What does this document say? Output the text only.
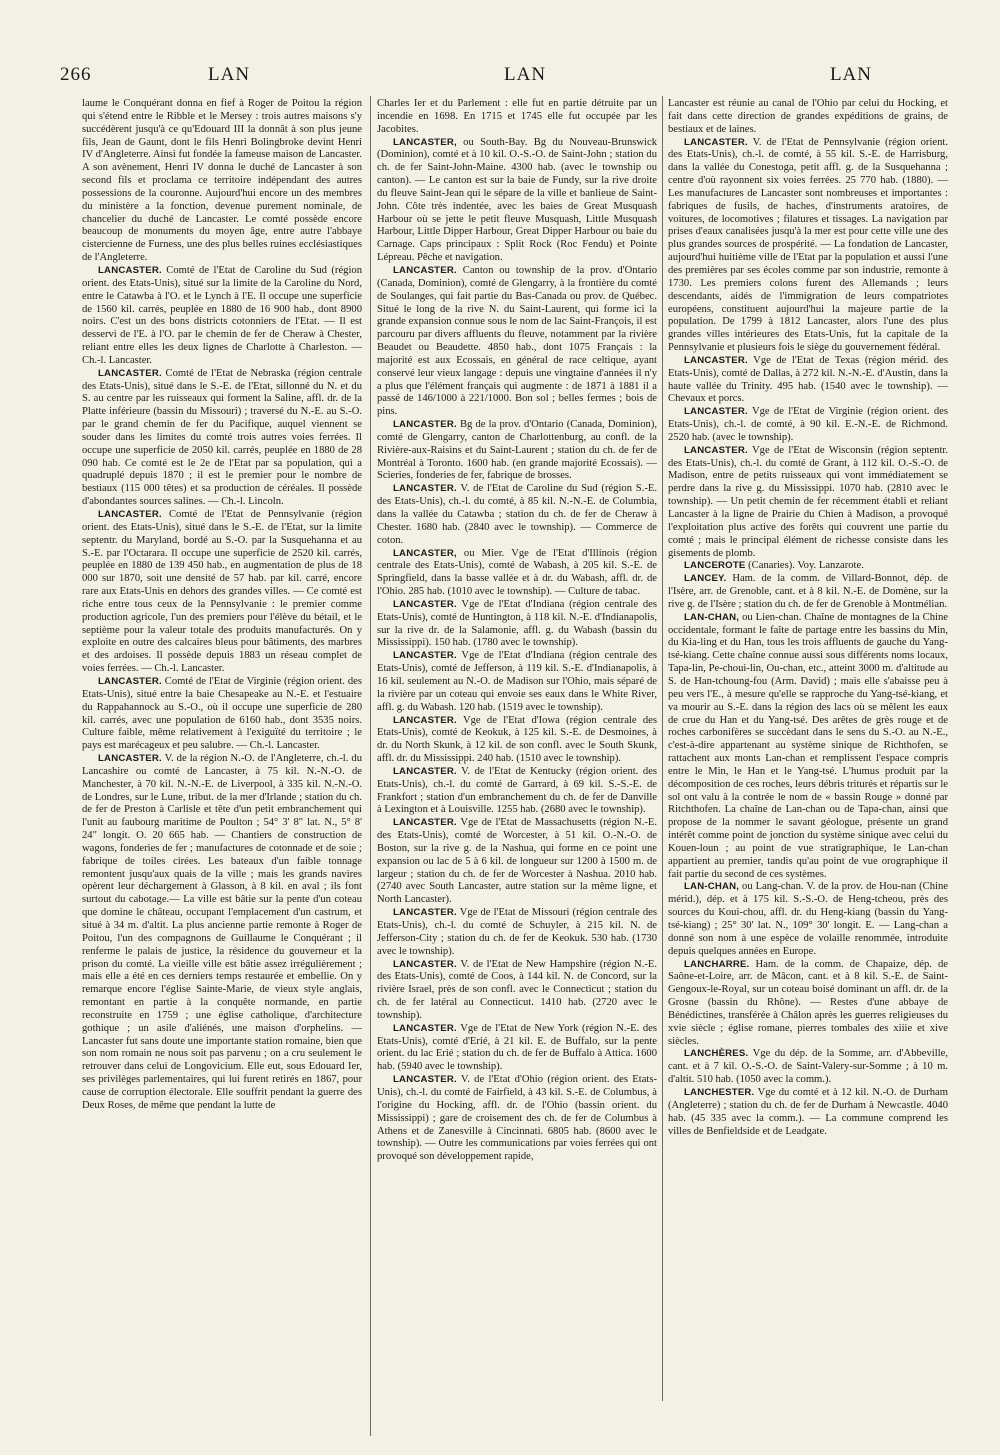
266	LAN	LAN	LAN

laume le Conquérant donna en fief à Roger de Poitou la région qui s'étend entre le Ribble et le Mersey : trois autres maisons s'y succédèrent jusqu'à ce qu'Edouard III la donnât à son plus jeune fils, Jean de Gaunt, dont le fils Henri Bolingbroke devint Henri IV d'Angleterre. Ainsi fut fondée la fameuse maison de Lancaster. A son avènement, Henri IV donna le duché de Lancaster à son second fils et proclama ce territoire indépendant des autres possessions de la couronne. Aujourd'hui encore un des membres du ministère a la fonction, devenue purement nominale, de chancelier du duché de Lancaster. Le comté possède encore beaucoup de monuments du moyen âge, entre autre l'abbaye cistercienne de Furness, une des plus belles ruines ecclésiastiques de l'Angleterre.

LANCASTER. Comté de l'Etat de Caroline du Sud (région orient. des Etats-Unis), situé sur la limite de la Caroline du Nord, entre le Catawba à l'O. et le Lynch à l'E. Il occupe une superficie de 1560 kil. carrés, peuplée en 1880 de 16 900 hab., dont 8900 noirs. C'est un des bons districts cotonniers de l'Etat. — Il est desservi de l'E. à l'O. par le chemin de fer de Cheraw à Chester, reliant entre elles les deux lignes de Charlotte à Charleston. — Ch.-l. Lancaster.

LANCASTER. Comté de l'Etat de Nebraska (région centrale des Etats-Unis), situé dans le S.-E. de l'Etat, sillonné du N. et du S. au centre par les ruisseaux qui forment la Saline, affl. dr. de la Platte inférieure (bassin du Missouri) ; traversé du N.-E. au S.-O. par le grand chemin de fer du Pacifique, auquel viennent se souder dans les limites du comté trois autres voies ferrées. Il occupe une superficie de 2050 kil. carrés, peuplée en 1880 de 28 090 hab. Ce comté est le 2e de l'Etat par sa population, qui a quadruplé depuis 1870 ; il est le premier pour le nombre de bestiaux (115 000 têtes) et sa production de céréales. Il possède d'abondantes sources salines. — Ch.-l. Lincoln.

LANCASTER. Comté de l'Etat de Pennsylvanie (région orient. des Etats-Unis), situé dans le S.-E. de l'Etat, sur la limite septentr. du Maryland, bordé au S.-O. par la Susquehanna et au S.-E. par l'Octarara. Il occupe une superficie de 2520 kil. carrés, peuplée en 1880 de 139 450 hab., en augmentation de plus de 18 000 sur 1870, soit une densité de 57 hab. par kil. carré, encore rare aux Etats-Unis en dehors des grandes villes. — Ce comté est riche entre tous ceux de la Pennsylvanie : le premier comme production agricole, l'un des premiers pour l'élève du bétail, et le septième pour la valeur totale des produits manufacturés. On y exploite en outre des calcaires bleus pour bâtiments, des marbres et des ardoises. Il possède depuis 1883 un réseau complet de voies ferrées. — Ch.-l. Lancaster.

LANCASTER. Comté de l'Etat de Virginie (région orient. des Etats-Unis), situé entre la baie Chesapeake au N.-E. et l'estuaire du Rappahannock au S.-O., où il occupe une superficie de 280 kil. carrés, avec une population de 6160 hab., dont 3535 noirs. Culture faible, même relativement à l'exiguïté du territoire ; le pays est marécageux et peu salubre. — Ch.-l. Lancaster.

LANCASTER. V. de la région N.-O. de l'Angleterre, ch.-l. du Lancashire ou comté de Lancaster, à 75 kil. N.-N.-O. de Manchester, à 70 kil. N.-N.-E. de Liverpool, à 335 kil. N.-N.-O. de Londres, sur le Lune, tribut. de la mer d'Irlande ; station du ch. de fer de Preston à Carlisle et tête d'un petit embranchement qui l'unit au faubourg maritime de Poulton ; 54° 3' 8" lat. N., 5° 8' 24" longit. O. 20 665 hab. — Chantiers de construction de wagons, fonderies de fer ; manufactures de cotonnade et de soie ; fabrique de toiles cirées. Les bateaux d'un faible tonnage remontent jusqu'aux quais de la ville ; mais les grands navires opèrent leur déchargement à Glasson, à 8 kil. en aval ; ils font surtout du cabotage.— La ville est bâtie sur la pente d'un coteau que domine le château, occupant l'emplacement d'un castrum, et situé à 34 m. d'altit. La plus ancienne partie remonte à Roger de Poitou, l'un des compagnons de Guillaume le Conquérant ; il renferme le palais de justice, la résidence du gouverneur et la prison du comté. La vieille ville est bâtie assez irrégulièrement ; mais elle a été en ces derniers temps restaurée et embellie. On y remarque encore l'église Sainte-Marie, de vieux style anglais, remontant en partie à la conquête normande, en partie reconstruite en 1759 ; une église catholique, d'architecture gothique ; un asile d'aliénés, une maison d'orphelins. — Lancaster fut sans doute une importante station romaine, bien que son nom romain ne nous soit pas parvenu ; on a cru seulement le retrouver dans celui de Longovicium. Elle eut, sous Edouard Ier, ses privilèges parlementaires, qui lui furent retirés en 1867, pour cause de corruption électorale. Elle souffrit pendant la guerre des Deux Roses, de même que pendant la lutte de

Charles Ier et du Parlement : elle fut en partie détruite par un incendie en 1698. En 1715 et 1745 elle fut occupée par les Jacobites.

LANCASTER, ou South-Bay. Bg du Nouveau-Brunswick (Dominion), comté et à 10 kil. O.-S.-O. de Saint-John ; station du ch. de fer Saint-John-Maine. 4300 hab. (avec le township ou canton). — Le canton est sur la baie de Fundy, sur la rive droite du fleuve Saint-Jean qui le sépare de la ville et banlieue de Saint-John. Côte très indentée, avec les baies de Great Musquash Harbour où se jette le petit fleuve Musquash, Little Musquash Harbour, Little Dipper Harbour, Great Dipper Harbour ou baie du Carnage. Caps principaux : Split Rock (Roc Fendu) et Pointe Lépreau. Pêche et navigation.

LANCASTER. Canton ou township de la prov. d'Ontario (Canada, Dominion), comté de Glengarry, à la frontière du comté de Soulanges, qui fait partie du Bas-Canada ou prov. de Québec. Situé le long de la rive N. du Saint-Laurent, qui forme ici la grande expansion connue sous le nom de lac Saint-François, il est parcouru par divers affluents du fleuve, notamment par la rivière Beaudet ou Beaudette. 4850 hab., dont 1075 Français : la majorité est aux Ecossais, en général de race celtique, ayant conservé leur vieux langage : depuis une vingtaine d'années il n'y a plus que l'élément français qui augmente : de 1871 à 1881 il a passé de 146/1000 à 221/1000. Bon sol ; belles fermes ; bois de pins.

LANCASTER. Bg de la prov. d'Ontario (Canada, Dominion), comté de Glengarry, canton de Charlottenburg, au confl. de la Rivière-aux-Raisins et du Saint-Laurent ; station du ch. de fer de Montréal à Toronto. 1600 hab. (en grande majorité Ecossais). — Scieries, fonderies de fer, fabrique de brosses.

LANCASTER. V. de l'Etat de Caroline du Sud (région S.-E. des Etats-Unis), ch.-l. du comté, à 85 kil. N.-N.-E. de Columbia, dans la vallée du Catawba ; station du ch. de fer de Cheraw à Chester. 1680 hab. (2840 avec le township). — Commerce de coton.

LANCASTER, ou Mier. Vge de l'Etat d'Illinois (région centrale des Etats-Unis), comté de Wabash, à 205 kil. S.-E. de Springfield, dans la basse vallée et à dr. du Wabash, affl. dr. de l'Ohio. 285 hab. (1010 avec le township). — Culture de tabac.

LANCASTER. Vge de l'Etat d'Indiana (région centrale des Etats-Unis), comté de Huntington, à 118 kil. N.-E. d'Indianapolis, sur la rive dr. de la Salamonie, affl. g. du Wabash (bassin du Mississippi). 150 hab. (1780 avec le township).

LANCASTER. Vge de l'Etat d'Indiana (région centrale des Etats-Unis), comté de Jefferson, à 119 kil. S.-E. d'Indianapolis, à 16 kil. seulement au N.-O. de Madison sur l'Ohio, mais séparé de la rivière par un coteau qui envoie ses eaux dans le White River, affl. g. du Wabash. 120 hab. (1519 avec le township).

LANCASTER. Vge de l'Etat d'Iowa (région centrale des Etats-Unis), comté de Keokuk, à 125 kil. S.-E. de Desmoines, à dr. du North Skunk, à 12 kil. de son confl. avec le South Skunk, affl. dr. du Mississippi. 240 hab. (1510 avec le township).

LANCASTER. V. de l'Etat de Kentucky (région orient. des Etats-Unis), ch.-l. du comté de Garrard, à 69 kil. S.-S.-E. de Frankfort ; station d'un embranchement du ch. de fer de Danville à Lexington et à Louisville. 1255 hab. (2680 avec le township).

LANCASTER. Vge de l'Etat de Massachusetts (région N.-E. des Etats-Unis), comté de Worcester, à 51 kil. O.-N.-O. de Boston, sur la rive g. de la Nashua, qui forme en ce point une expansion ou lac de 5 à 6 kil. de longueur sur 1200 à 1500 m. de largeur ; station du ch. de fer de Worcester à Nashua. 2010 hab. (2740 avec South Lancaster, autre station sur la même ligne, et North Lancaster).

LANCASTER. Vge de l'Etat de Missouri (région centrale des Etats-Unis), ch.-l. du comté de Schuyler, à 215 kil. N. de Jefferson-City ; station du ch. de fer de Keokuk. 530 hab. (1730 avec le township).

LANCASTER. V. de l'Etat de New Hampshire (région N.-E. des Etats-Unis), comté de Coos, à 144 kil. N. de Concord, sur la rivière Israel, près de son confl. avec le Connecticut ; station du ch. de fer latéral au Connecticut. 1410 hab. (2720 avec le township).

LANCASTER. Vge de l'Etat de New York (région N.-E. des Etats-Unis), comté d'Erié, à 21 kil. E. de Buffalo, sur la pente orient. du lac Erié ; station du ch. de fer de Buffalo à Attica. 1600 hab. (5940 avec le township).

LANCASTER. V. de l'Etat d'Ohio (région orient. des Etats-Unis), ch.-l. du comté de Fairfield, à 43 kil. S.-E. de Columbus, à l'origine du Hocking, affl. dr. de l'Ohio (bassin orient. du Mississippi) ; gare de croisement des ch. de fer de Columbus à Athens et de Zanesville à Cincinnati. 6805 hab. (8600 avec le township). — Outre les communications par voies ferrées qui ont provoqué son développement rapide,

Lancaster est réunie au canal de l'Ohio par celui du Hocking, et fait dans cette direction de grandes expéditions de grains, de bestiaux et de laines.

LANCASTER. V. de l'Etat de Pennsylvanie (région orient. des Etats-Unis), ch.-l. de comté, à 55 kil. S.-E. de Harrisburg, dans la vallée du Conestoga, petit affl. g. de la Susquehanna ; centre d'où rayonnent six voies ferrées. 25 770 hab. (1880). — Les manufactures de Lancaster sont nombreuses et importantes : fabriques de fusils, de haches, d'instruments aratoires, de voitures, de locomotives ; filatures et tissages. La navigation par prises d'eaux canalisées jusqu'à la mer est pour cette ville une des plus grandes sources de prospérité. — La fondation de Lancaster, aujourd'hui huitième ville de l'Etat par la population et aussi l'une des premières par ses écoles comme par son industrie, remonte à 1730. Les premiers colons furent des Allemands ; leurs descendants, aidés de l'immigration de leurs compatriotes européens, constituent aujourd'hui la majeure partie de la population. De 1799 à 1812 Lancaster, alors l'une des plus grandes villes intérieures des Etats-Unis, fut la capitale de la Pennsylvanie et plusieurs fois le siège du gouvernement fédéral.

LANCASTER. Vge de l'Etat de Texas (région mérid. des Etats-Unis), comté de Dallas, à 272 kil. N.-N.-E. d'Austin, dans la haute vallée du Trinity. 495 hab. (1540 avec le township). — Chevaux et porcs.

LANCASTER. Vge de l'Etat de Virginie (région orient. des Etats-Unis), ch.-l. de comté, à 90 kil. E.-N.-E. de Richmond. 2520 hab. (avec le township).

LANCASTER. Vge de l'Etat de Wisconsin (région septentr. des Etats-Unis), ch.-l. du comté de Grant, à 112 kil. O.-S.-O. de Madison, entre de petits ruisseaux qui vont immédiatement se perdre dans la rive g. du Mississippi. 1070 hab. (2810 avec le township). — Un petit chemin de fer récemment établi et reliant Lancaster à la ligne de Prairie du Chien à Madison, a provoqué l'exploitation plus active des forêts qui couvrent une partie du comté ; mais le principal élément de richesse consiste dans les gisements de plomb.

LANCEROTE (Canaries). Voy. Lanzarote.

LANCEY. Ham. de la comm. de Villard-Bonnot, dép. de l'Isère, arr. de Grenoble, cant. et à 8 kil. N.-E. de Domène, sur la rive g. de l'Isère ; station du ch. de fer de Grenoble à Montmélian.

LAN-CHAN, ou Lien-chan. Chaîne de montagnes de la Chine occidentale, formant le faîte de partage entre les bassins du Min, du Kia-ling et du Han, tous les trois affluents de gauche du Yang-tsé-kiang. Cette chaîne connue aussi sous différents noms locaux, Tapa-lin, Pe-choui-lin, Ou-chan, etc., atteint 3000 m. d'altitude au S. de Han-tchoung-fou (Arm. David) ; mais elle s'abaisse peu à peu vers l'E., à mesure qu'elle se rapproche du Yang-tsé-kiang, et va mourir au S.-E. dans la région des lacs où se mêlent les eaux de crue du Han et du Yang-tsé. Des arêtes de grès rouge et de roches carbonifères se succèdant dans le sens du S.-O. au N.-E., c'est-à-dire appartenant au système sinique de Richthofen, se rattachent aux monts Lan-chan et remplissent l'espace compris entre le Min, le Han et le Yang-tsé. L'humus produit par la décomposition de ces roches, leurs débris triturés et répartis sur le sol ont valu à la contrée le nom de « bassin Rouge » donné par Ritchthofen. La chaîne de Lan-chan ou de Tapa-chan, ainsi que propose de la nommer le savant géologue, présente un grand intérêt comme point de jonction du système sinique avec celui du Kouen-loun ; au point de vue stratigraphique, le Lan-chan appartient au premier, tandis qu'au point de vue orographique il fait partie du second de ces systèmes.

LAN-CHAN, ou Lang-chan. V. de la prov. de Hou-nan (Chine mérid.), dép. et à 175 kil. S.-S.-O. de Heng-tcheou, près des sources du Koui-chou, affl. dr. du Heng-kiang (bassin du Yang-tsé-kiang) ; 25° 30' lat. N., 109° 30' longit. E. — Lang-chan a donné son nom à une espèce de volaille renommée, introduite depuis quelques années en Europe.

LANCHARRE. Ham. de la comm. de Chapaize, dép. de Saône-et-Loire, arr. de Mâcon, cant. et à 8 kil. S.-E. de Saint-Gengoux-le-Royal, sur un coteau boisé dominant un affl. dr. de la Grosne (bassin du Rhône). — Restes d'une abbaye de Bénédictines, transférée à Châlon après les guerres religieuses du xvie siècle ; église romane, pierres tombales des xiiie et xive siècles.

LANCHÈRES. Vge du dép. de la Somme, arr. d'Abbeville, cant. et à 7 kil. O.-S.-O. de Saint-Valery-sur-Somme ; à 10 m. d'altit. 510 hab. (1050 avec la comm.).

LANCHESTER. Vge du comté et à 12 kil. N.-O. de Durham (Angleterre) ; station du ch. de fer de Durham à Newcastle. 4040 hab. (45 335 avec la comm.). — La commune comprend les villes de Benfieldside et de Leadgate.
